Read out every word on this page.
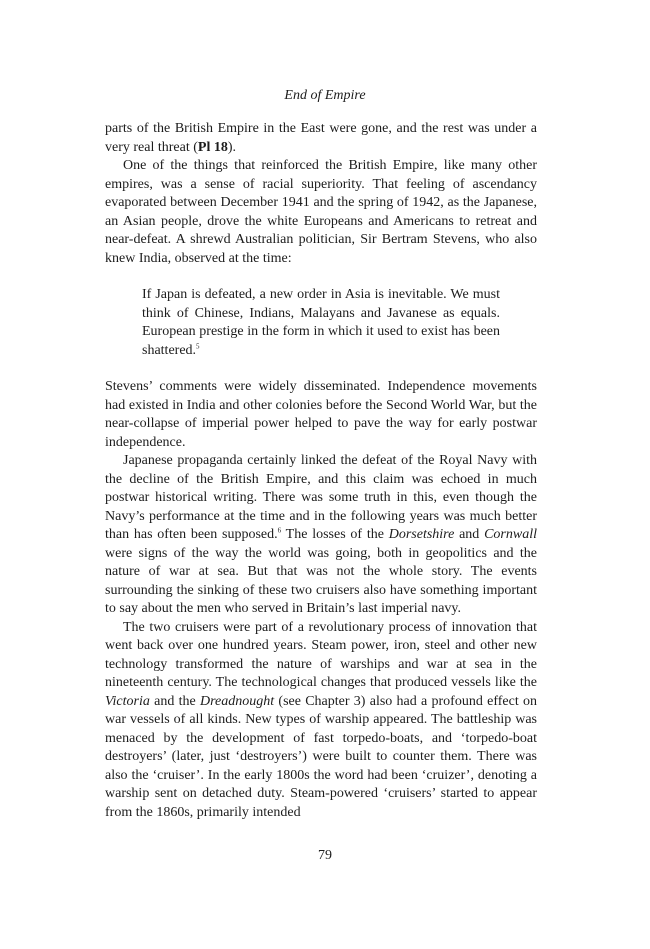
End of Empire

parts of the British Empire in the East were gone, and the rest was under a very real threat (Pl 18).

One of the things that reinforced the British Empire, like many other empires, was a sense of racial superiority. That feeling of ascendancy evaporated between December 1941 and the spring of 1942, as the Japanese, an Asian people, drove the white Europeans and Americans to retreat and near-defeat. A shrewd Australian politician, Sir Bertram Stevens, who also knew India, observed at the time:

If Japan is defeated, a new order in Asia is inevitable. We must think of Chinese, Indians, Malayans and Javanese as equals. European prestige in the form in which it used to exist has been shattered.$^5$

Stevens’ comments were widely disseminated. Independence movements had existed in India and other colonies before the Second World War, but the near-collapse of imperial power helped to pave the way for early postwar independence.

Japanese propaganda certainly linked the defeat of the Royal Navy with the decline of the British Empire, and this claim was echoed in much postwar historical writing. There was some truth in this, even though the Navy’s performance at the time and in the following years was much better than has often been supposed.$^6$ The losses of the Dorsetshire and Cornwall were signs of the way the world was going, both in geopolitics and the nature of war at sea. But that was not the whole story. The events surrounding the sinking of these two cruisers also have something important to say about the men who served in Britain’s last imperial navy.

The two cruisers were part of a revolutionary process of innovation that went back over one hundred years. Steam power, iron, steel and other new technology transformed the nature of warships and war at sea in the nineteenth century. The technological changes that produced vessels like the Victoria and the Dreadnought (see Chapter 3) also had a profound effect on war vessels of all kinds. New types of warship appeared. The battleship was menaced by the development of fast torpedo-boats, and ‘torpedo-boat destroyers’ (later, just ‘destroyers’) were built to counter them. There was also the ‘cruiser’. In the early 1800s the word had been ‘cruizer’, denoting a warship sent on detached duty. Steam-powered ‘cruisers’ started to appear from the 1860s, primarily intended

79
